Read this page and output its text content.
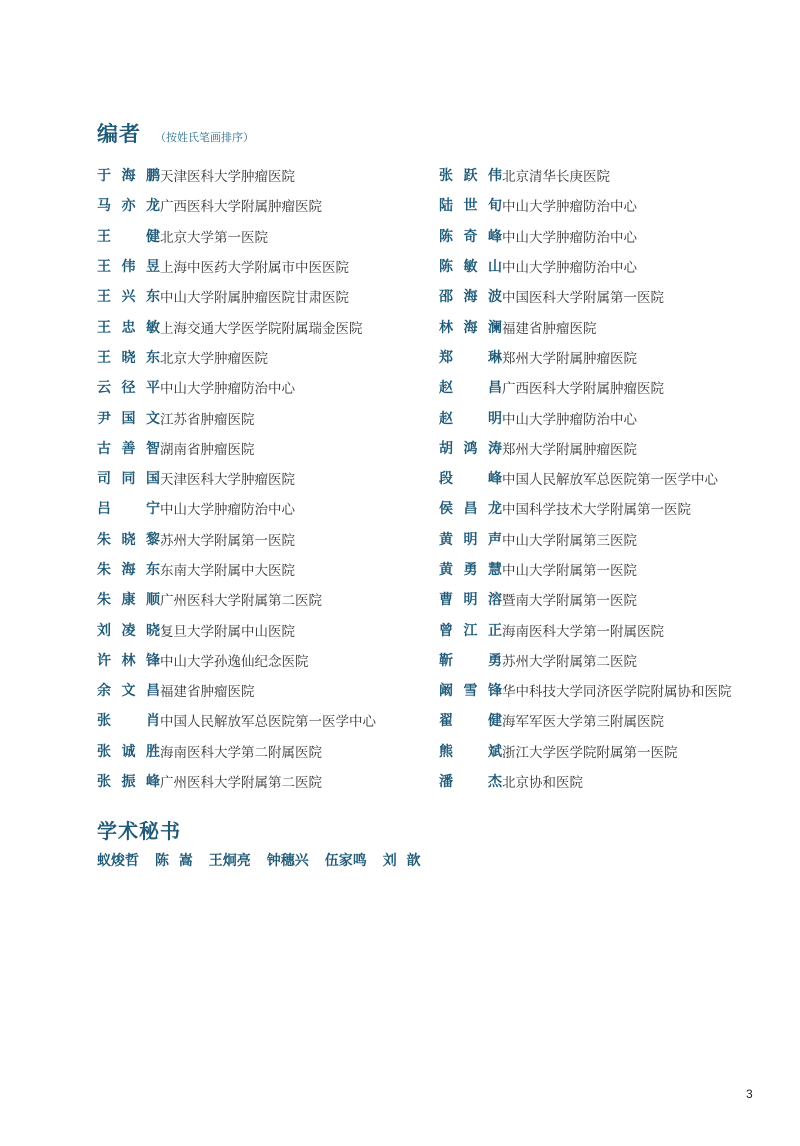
编者 （按姓氏笔画排序）
于海鹏 天津医科大学肿瘤医院
马亦龙 广西医科大学附属肿瘤医院
王健 北京大学第一医院
王伟昱 上海中医药大学附属市中医医院
王兴东 中山大学附属肿瘤医院甘肃医院
王忠敏 上海交通大学医学院附属瑞金医院
王晓东 北京大学肿瘤医院
云径平 中山大学肿瘤防治中心
尹国文 江苏省肿瘤医院
古善智 湖南省肿瘤医院
司同国 天津医科大学肿瘤医院
吕宁 中山大学肿瘤防治中心
朱晓黎 苏州大学附属第一医院
朱海东 东南大学附属中大医院
朱康顺 广州医科大学附属第二医院
刘凌晓 复旦大学附属中山医院
许林锋 中山大学孙逸仙纪念医院
余文昌 福建省肿瘤医院
张肖 中国人民解放军总医院第一医学中心
张诚胜 海南医科大学第二附属医院
张振峰 广州医科大学附属第二医院
张跃伟 北京清华长庚医院
陆世旬 中山大学肿瘤防治中心
陈奇峰 中山大学肿瘤防治中心
陈敏山 中山大学肿瘤防治中心
邵海波 中国医科大学附属第一医院
林海澜 福建省肿瘤医院
郑琳 郑州大学附属肿瘤医院
赵昌 广西医科大学附属肿瘤医院
赵明 中山大学肿瘤防治中心
胡鸿涛 郑州大学附属肿瘤医院
段峰 中国人民解放军总医院第一医学中心
侯昌龙 中国科学技术大学附属第一医院
黄明声 中山大学附属第三医院
黄勇慧 中山大学附属第一医院
曹明溶 暨南大学附属第一医院
曾江正 海南医科大学第一附属医院
靳勇 苏州大学附属第二医院
阚雪锋 华中科技大学同济医学院附属协和医院
翟健 海军军医大学第三附属医院
熊斌 浙江大学医学院附属第一医院
潘杰 北京协和医院
学术秘书
蚁焌哲 陈  嵩 王炯亮 钟穗兴 伍家鸣 刘  歆
3
